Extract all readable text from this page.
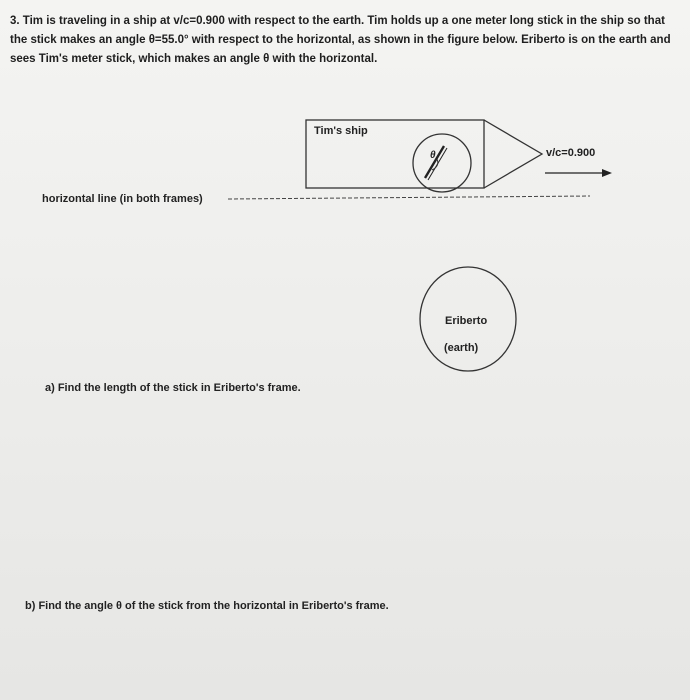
3. Tim is traveling in a ship at v/c=0.900 with respect to the earth. Tim holds up a one meter long stick in the ship so that the stick makes an angle θ=55.0° with respect to the horizontal, as shown in the figure below. Eriberto is on the earth and sees Tim's meter stick, which makes an angle θ with the horizontal.

Tim's ship
v/c=0.900
θ
horizontal line (in both frames)
Eriberto
(earth)
a) Find the length of the stick in Eriberto's frame.
b) Find the angle θ of the stick from the horizontal in Eriberto's frame.
